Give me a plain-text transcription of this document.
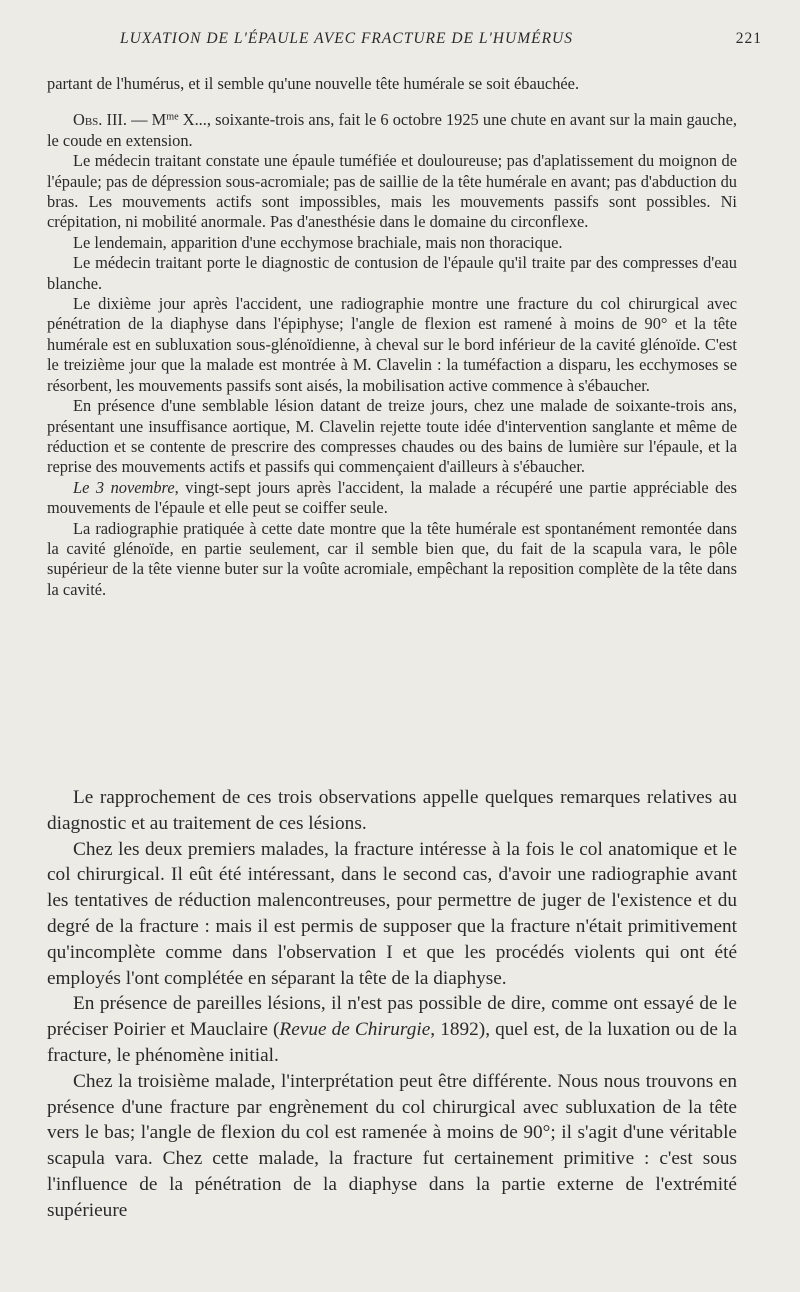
LUXATION DE L'ÉPAULE AVEC FRACTURE DE L'HUMÉRUS	221

partant de l'humérus, et il semble qu'une nouvelle tête humérale se soit ébauchée.

Obs. III. — $M^{me}$ X..., soixante-trois ans, fait le 6 octobre 1925 une chute en avant sur la main gauche, le coude en extension.

Le médecin traitant constate une épaule tuméfiée et douloureuse; pas d'aplatissement du moignon de l'épaule; pas de dépression sous-acromiale; pas de saillie de la tête humérale en avant; pas d'abduction du bras. Les mouvements actifs sont impossibles, mais les mouvements passifs sont possibles. Ni crépitation, ni mobilité anormale. Pas d'anesthésie dans le domaine du circonflexe.

Le lendemain, apparition d'une ecchymose brachiale, mais non thoracique.

Le médecin traitant porte le diagnostic de contusion de l'épaule qu'il traite par des compresses d'eau blanche.

Le dixième jour après l'accident, une radiographie montre une fracture du col chirurgical avec pénétration de la diaphyse dans l'épiphyse; l'angle de flexion est ramené à moins de 90° et la tête humérale est en subluxation sous-glénoïdienne, à cheval sur le bord inférieur de la cavité glénoïde. C'est le treizième jour que la malade est montrée à M. Clavelin : la tuméfaction a disparu, les ecchymoses se résorbent, les mouvements passifs sont aisés, la mobilisation active commence à s'ébaucher.

En présence d'une semblable lésion datant de treize jours, chez une malade de soixante-trois ans, présentant une insuffisance aortique, M. Clavelin rejette toute idée d'intervention sanglante et même de réduction et se contente de prescrire des compresses chaudes ou des bains de lumière sur l'épaule, et la reprise des mouvements actifs et passifs qui commençaient d'ailleurs à s'ébaucher.

Le 3 novembre, vingt-sept jours après l'accident, la malade a récupéré une partie appréciable des mouvements de l'épaule et elle peut se coiffer seule.

La radiographie pratiquée à cette date montre que la tête humérale est spontanément remontée dans la cavité glénoïde, en partie seulement, car il semble bien que, du fait de la scapula vara, le pôle supérieur de la tête vienne buter sur la voûte acromiale, empêchant la reposition complète de la tête dans la cavité.

Le rapprochement de ces trois observations appelle quelques remarques relatives au diagnostic et au traitement de ces lésions.

Chez les deux premiers malades, la fracture intéresse à la fois le col anatomique et le col chirurgical. Il eût été intéressant, dans le second cas, d'avoir une radiographie avant les tentatives de réduction malencontreuses, pour permettre de juger de l'existence et du degré de la fracture : mais il est permis de supposer que la fracture n'était primitivement qu'incomplète comme dans l'observation I et que les procédés violents qui ont été employés l'ont complétée en séparant la tête de la diaphyse.

En présence de pareilles lésions, il n'est pas possible de dire, comme ont essayé de le préciser Poirier et Mauclaire (Revue de Chirurgie, 1892), quel est, de la luxation ou de la fracture, le phénomène initial.

Chez la troisième malade, l'interprétation peut être différente. Nous nous trouvons en présence d'une fracture par engrènement du col chirurgical avec subluxation de la tête vers le bas; l'angle de flexion du col est ramenée à moins de 90°; il s'agit d'une véritable scapula vara. Chez cette malade, la fracture fut certainement primitive : c'est sous l'influence de la pénétration de la diaphyse dans la partie externe de l'extrémité supérieure
